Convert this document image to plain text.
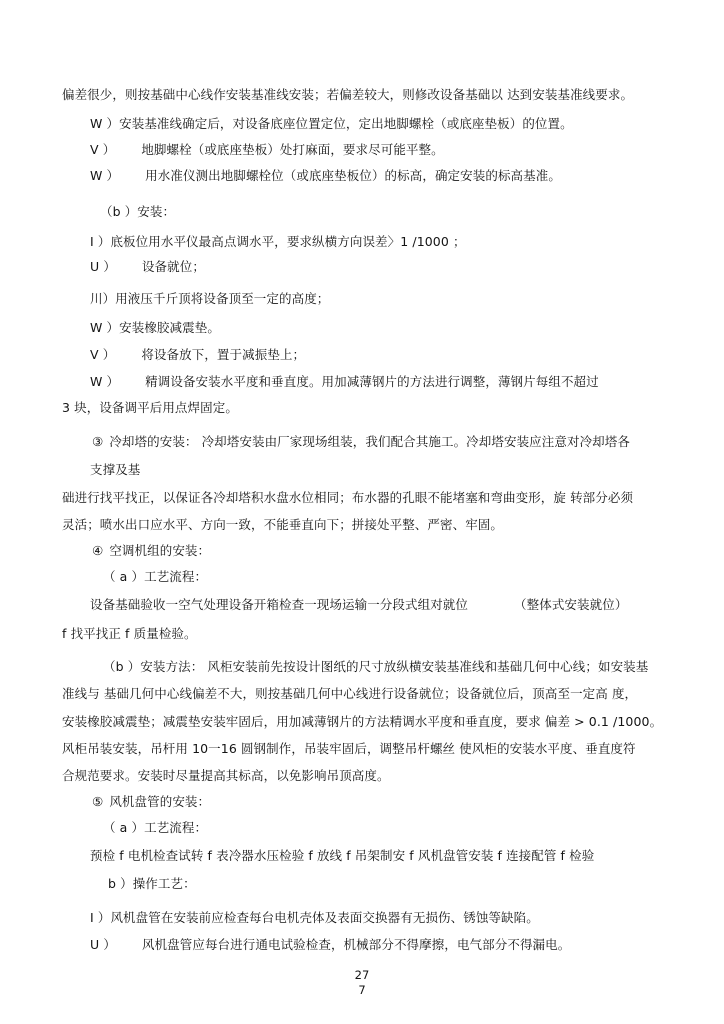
偏差很少，则按基础中心线作安装基准线安装；若偏差较大，则修改设备基础以 达到安装基准线要求。
W ）安装基准线确定后，对设备底座位置定位，定出地脚螺栓（或底座垫板）的位置。
V ） 地脚螺栓（或底座垫板）处打麻面，要求尽可能平整。
W ） 用水准仪测出地脚螺栓位（或底座垫板位）的标高，确定安装的标高基准。
（b ）安装：
I ）底板位用水平仪最高点调水平，要求纵横方向误差〉1 /1000 ；
U ） 设备就位；
川）用液压千斤顶将设备顶至一定的高度；
W ）安装橡胶减震垫。
V ） 将设备放下，置于减振垫上；
W ） 精调设备安装水平度和垂直度。用加减薄钢片的方法进行调整，薄钢片每组不超过
3 块，设备调平后用点焊固定。
③ 冷却塔的安装： 冷却塔安装由厂家现场组装，我们配合其施工。冷却塔安装应注意对冷却塔各
支撑及基
础进行找平找正，以保证各冷却塔积水盘水位相同；布水器的孔眼不能堵塞和弯曲变形，旋 转部分必须
灵活；喷水出口应水平、方向一致，不能垂直向下；拼接处平整、严密、牢固。
④ 空调机组的安装：
（ a ）工艺流程：
设备基础验收一空气处理设备开箱检查一现场运输一分段式组对就位	（整体式安装就位）
f 找平找正 f 质量检验。
（b ）安装方法： 风柜安装前先按设计图纸的尺寸放纵横安装基准线和基础几何中心线；如安装基
准线与 基础几何中心线偏差不大，则按基础几何中心线进行设备就位；设备就位后，顶高至一定高 度，
安装橡胶减震垫；减震垫安装牢固后，用加减薄钢片的方法精调水平度和垂直度，要求 偏差 > 0.1 /1000。
风柜吊装安装，吊杆用 10一16 圆钢制作，吊装牢固后，调整吊杆螺丝 使风柜的安装水平度、垂直度符
合规范要求。安装时尽量提高其标高，以免影响吊顶高度。
⑤ 风机盘管的安装：
（ a ）工艺流程：
预检 f 电机检查试转 f 表冷器水压检验 f 放线 f 吊架制安 f 风机盘管安装 f 连接配管 f 检验
b ）操作工艺：
I ）风机盘管在安装前应检查每台电机壳体及表面交换器有无损伤、锈蚀等缺陷。
U ） 风机盘管应每台进行通电试验检查，机械部分不得摩擦，电气部分不得漏电。
27
7
